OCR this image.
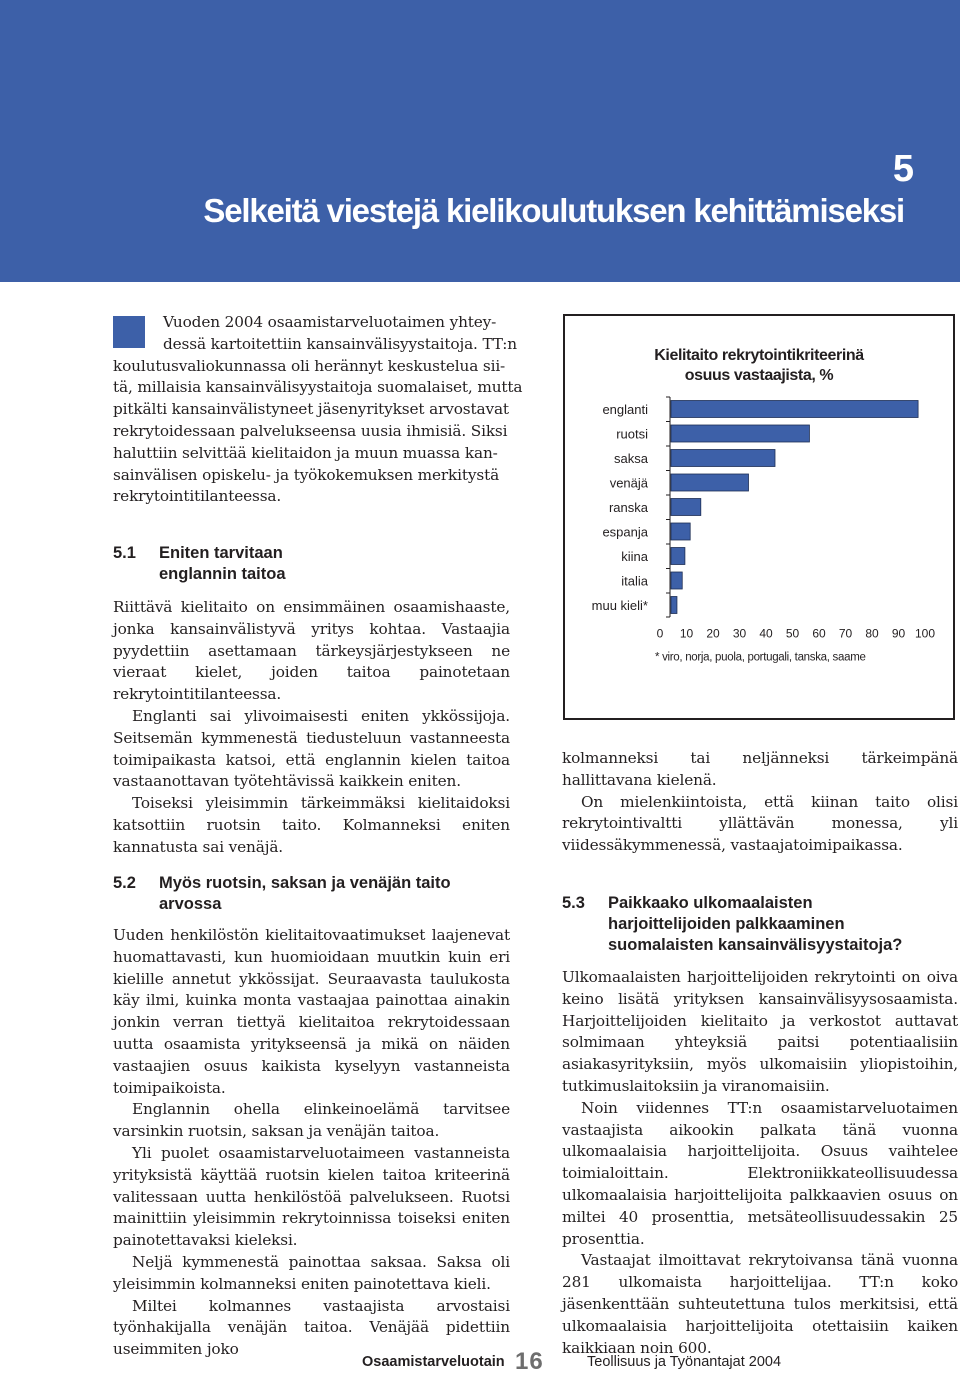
5
Selkeitä viestejä kielikoulutuksen kehittämiseksi
Vuoden 2004 osaamistarveluotaimen yhtey-
dessä kartoitettiin kansainvälisyystaitoja. TT:n
koulutusvaliokunnassa oli herännyt keskustelua sii-
tä, millaisia kansainvälisyystaitoja suomalaiset, mutta
pitkälti kansainvälistyneet jäsenyritykset arvostavat
rekrytoidessaan palvelukseensa uusia ihmisiä. Siksi
haluttiin selvittää kielitaidon ja muun muassa kan-
sainvälisen opiskelu- ja työkokemuksen merkitystä
rekrytointitilanteessa.
5.1 Eniten tarvitaan
englannin taitoa

Riittävä kielitaito on ensimmäinen osaamishaaste, jonka kansainvälistyvä yritys kohtaa. Vastaajia pyydettiin asettamaan tärkeysjärjestykseen ne vieraat kielet, joiden taitoa painotetaan rekrytointitilanteessa.

Englanti sai ylivoimaisesti eniten ykkössijoja. Seitsemän kymmenestä tiedusteluun vastanneesta toimipaikasta katsoi, että englannin kielen taitoa vastaanottavan työtehtävissä kaikkein eniten.

Toiseksi yleisimmin tärkeimmäksi kielitaidoksi katsottiin ruotsin taito. Kolmanneksi eniten kannatusta sai venäjä.

5.2 Myös ruotsin, saksan ja venäjän taito
arvossa

Uuden henkilöstön kielitaitovaatimukset laajenevat huomattavasti, kun huomioidaan muutkin kuin eri kielille annetut ykkössijat. Seuraavasta taulukosta käy ilmi, kuinka monta vastaajaa painottaa ainakin jonkin verran tiettyä kielitaitoa rekrytoidessaan uutta osaamista yritykseensä ja mikä on näiden vastaajien osuus kaikista kyselyyn vastanneista toimipaikoista.

Englannin ohella elinkeinoelämä tarvitsee varsinkin ruotsin, saksan ja venäjän taitoa.

Yli puolet osaamistarveluotaimeen vastanneista yrityksistä käyttää ruotsin kielen taitoa kriteerinä valitessaan uutta henkilöstöä palvelukseen. Ruotsi mainittiin yleisimmin rekrytoinnissa toiseksi eniten painotettavaksi kieleksi.

Neljä kymmenestä painottaa saksaa. Saksa oli yleisimmin kolmanneksi eniten painotettava kieli.

Miltei kolmannes vastaajista arvostaisi työnhakijalla venäjän taitoa. Venäjää pidettiin useimmiten joko

Kielitaito rekrytointikriteerinä
osuus vastaajista, %
englanti
ruotsi
saksa
venäjä
ranska
espanja
kiina
italia
muu kieli*
0 10 20 30 40 50 60 70 80 90 100
* viro, norja, puola, portugali, tanska, saame

kolmanneksi tai neljänneksi tärkeimpänä hallittavana kielenä.

On mielenkiintoista, että kiinan taito olisi rekrytointivaltti yllättävän monessa, yli viidessäkymmenessä, vastaajatoimipaikassa.

5.3 Paikkaako ulkomaalaisten
harjoittelijoiden palkkaaminen
suomalaisten kansainvälisyystaitoja?

Ulkomaalaisten harjoittelijoiden rekrytointi on oiva keino lisätä yrityksen kansainvälisyysosaamista. Harjoittelijoiden kielitaito ja verkostot auttavat solmimaan yhteyksiä paitsi potentiaalisiin asiakasyrityksiin, myös ulkomaisiin yliopistoihin, tutkimuslaitoksiin ja viranomaisiin.

Noin viidennes TT:n osaamistarveluotaimen vastaajista aikookin palkata tänä vuonna ulkomaalaisia harjoittelijoita. Osuus vaihtelee toimialoittain. Elektroniikkateollisuudessa ulkomaalaisia harjoittelijoita palkkaavien osuus on miltei 40 prosenttia, metsäteollisuudessakin 25 prosenttia.

Vastaajat ilmoittavat rekrytoivansa tänä vuonna 281 ulkomaista harjoittelijaa. TT:n koko jäsenkenttään suhteutettuna tulos merkitsisi, että ulkomaalaisia harjoittelijoita otettaisiin kaiken kaikkiaan noin 600.

Osaamistarveluotain 16	Teollisuus ja Työnantajat 2004
